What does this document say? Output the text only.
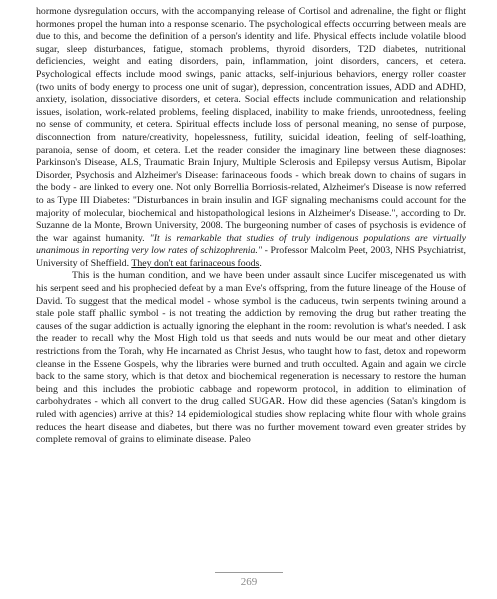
hormone dysregulation occurs, with the accompanying release of Cortisol and adrenaline, the fight or flight hormones propel the human into a response scenario. The psychological effects occurring between meals are due to this, and become the definition of a person's identity and life. Physical effects include volatile blood sugar, sleep disturbances, fatigue, stomach problems, thyroid disorders, T2D diabetes, nutritional deficiencies, weight and eating disorders, pain, inflammation, joint disorders, cancers, et cetera. Psychological effects include mood swings, panic attacks, self-injurious behaviors, energy roller coaster (two units of body energy to process one unit of sugar), depression, concentration issues, ADD and ADHD, anxiety, isolation, dissociative disorders, et cetera. Social effects include communication and relationship issues, isolation, work-related problems, feeling displaced, inability to make friends, unrootedness, feeling no sense of community, et cetera. Spiritual effects include loss of personal meaning, no sense of purpose, disconnection from nature/creativity, hopelessness, futility, suicidal ideation, feeling of self-loathing, paranoia, sense of doom, et cetera. Let the reader consider the imaginary line between these diagnoses: Parkinson's Disease, ALS, Traumatic Brain Injury, Multiple Sclerosis and Epilepsy versus Autism, Bipolar Disorder, Psychosis and Alzheimer's Disease: farinaceous foods - which break down to chains of sugars in the body - are linked to every one. Not only Borrellia Borriosis-related, Alzheimer's Disease is now referred to as Type III Diabetes: "Disturbances in brain insulin and IGF signaling mechanisms could account for the majority of molecular, biochemical and histopathological lesions in Alzheimer's Disease.", according to Dr. Suzanne de la Monte, Brown University, 2008. The burgeoning number of cases of psychosis is evidence of the war against humanity. "It is remarkable that studies of truly indigenous populations are virtually unanimous in reporting very low rates of schizophrenia." - Professor Malcolm Peet, 2003, NHS Psychiatrist, University of Sheffield. They don't eat farinaceous foods.

This is the human condition, and we have been under assault since Lucifer miscegenated us with his serpent seed and his prophecied defeat by a man Eve's offspring, from the future lineage of the House of David. To suggest that the medical model - whose symbol is the caduceus, twin serpents twining around a stale pole staff phallic symbol - is not treating the addiction by removing the drug but rather treating the causes of the sugar addiction is actually ignoring the elephant in the room: revolution is what's needed. I ask the reader to recall why the Most High told us that seeds and nuts would be our meat and other dietary restrictions from the Torah, why He incarnated as Christ Jesus, who taught how to fast, detox and ropeworm cleanse in the Essene Gospels, why the libraries were burned and truth occulted. Again and again we circle back to the same story, which is that detox and biochemical regeneration is necessary to restore the human being and this includes the probiotic cabbage and ropeworm protocol, in addition to elimination of carbohydrates - which all convert to the drug called SUGAR. How did these agencies (Satan's kingdom is ruled with agencies) arrive at this? 14 epidemiological studies show replacing white flour with whole grains reduces the heart disease and diabetes, but there was no further movement toward even greater strides by complete removal of grains to eliminate disease. Paleo

269
